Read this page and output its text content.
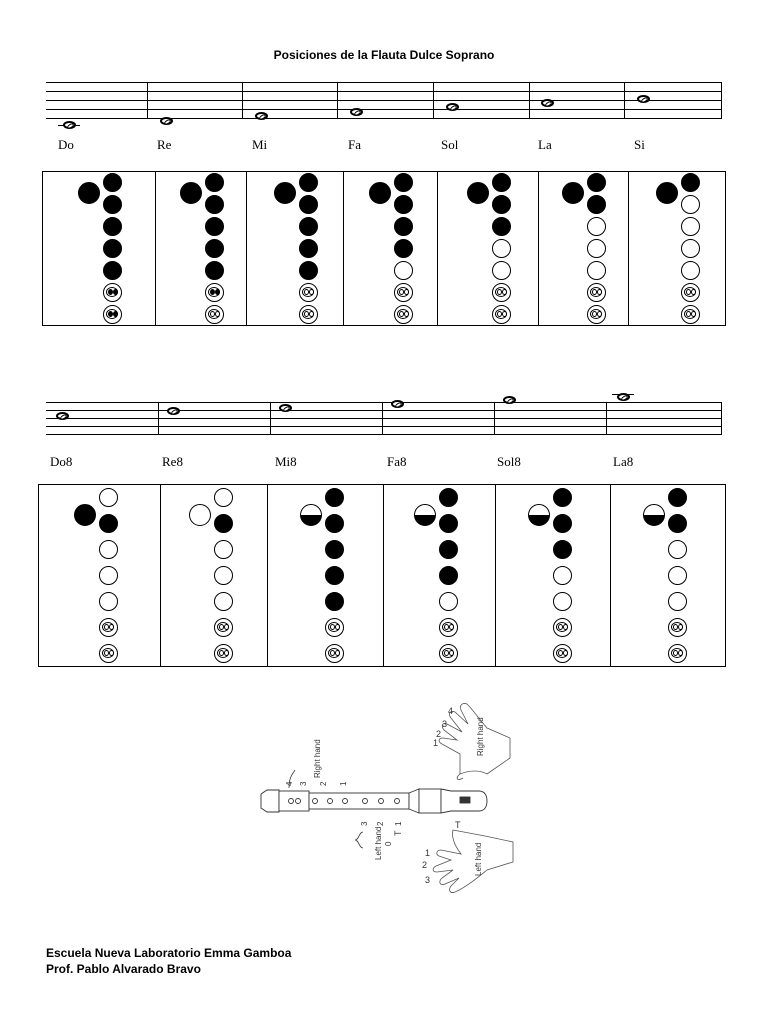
Posiciones de la Flauta Dulce Soprano
Do	Re	Mi	Fa	Sol	La	Si
Do8	Re8	Mi8	Fa8	Sol8	La8
1
2
3
4
Right hand
4 3 2 1
Right hand
3 2 1
T
0
Left hand
T
1
2
3
Left hand
Escuela Nueva Laboratorio Emma Gamboa
Prof. Pablo Alvarado Bravo
